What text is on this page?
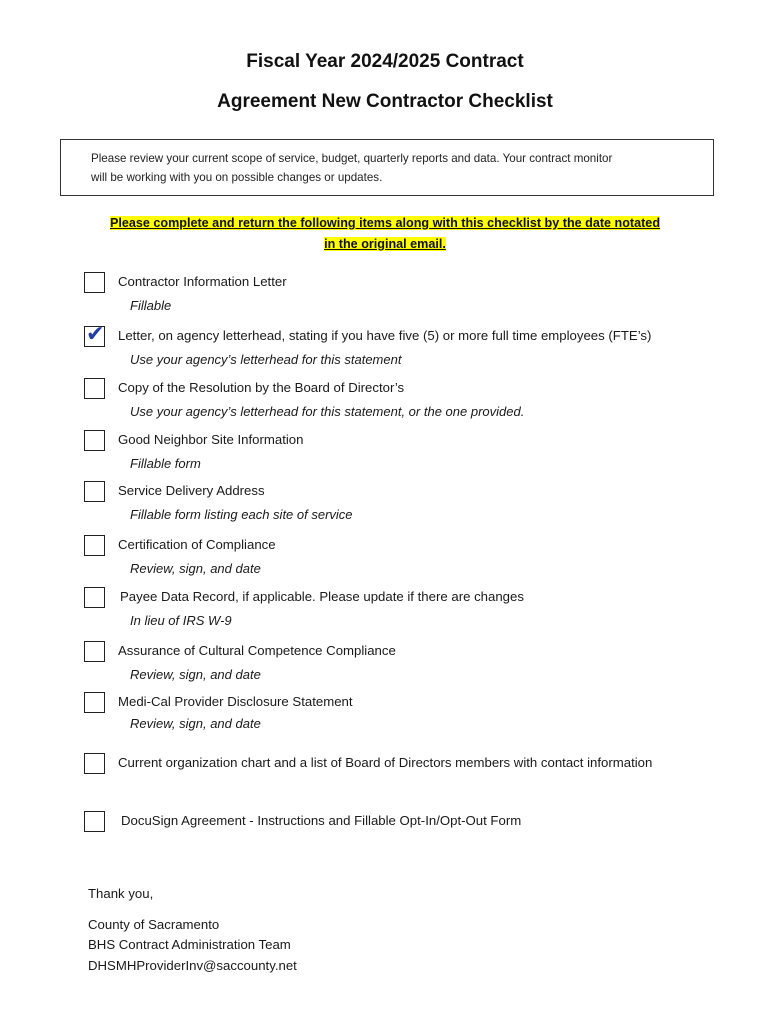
Fiscal Year 2024/2025 Contract
Agreement New Contractor Checklist
Please review your current scope of service, budget, quarterly reports and data. Your contract monitor
will be working with you on possible changes or updates.
Please complete and return the following items along with this checklist by the date notated
in the original email.
Contractor Information Letter
Fillable
✔ Letter, on agency letterhead, stating if you have five (5) or more full time employees (FTE’s)
Use your agency’s letterhead for this statement
Copy of the Resolution by the Board of Director’s
Use your agency’s letterhead for this statement, or the one provided.
Good Neighbor Site Information
Fillable form
Service Delivery Address
Fillable form listing each site of service
Certification of Compliance
Review, sign, and date
Payee Data Record, if applicable. Please update if there are changes
In lieu of IRS W-9
Assurance of Cultural Competence Compliance
Review, sign, and date
Medi-Cal Provider Disclosure Statement
Review, sign, and date
Current organization chart and a list of Board of Directors members with contact information
DocuSign Agreement - Instructions and Fillable Opt-In/Opt-Out Form
Thank you,
County of Sacramento
BHS Contract Administration Team
DHSMHProviderInv@saccounty.net
